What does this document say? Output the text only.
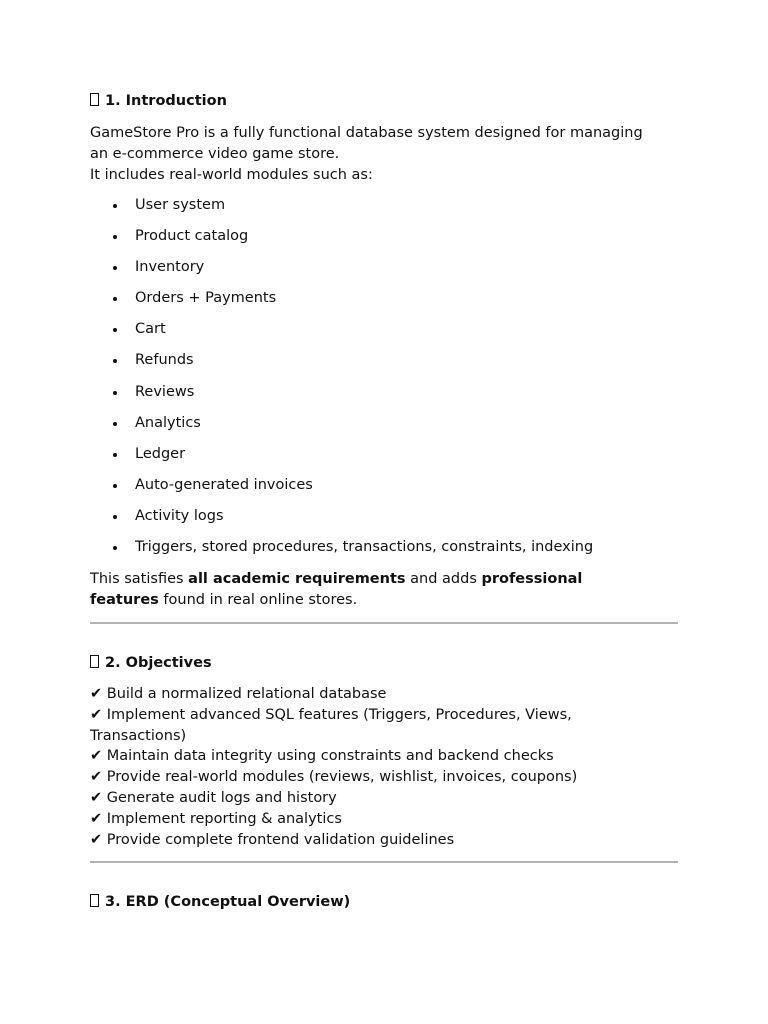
1. Introduction
GameStore Pro is a fully functional database system designed for managing
an e-commerce video game store.
It includes real-world modules such as:
User system
Product catalog
Inventory
Orders + Payments
Cart
Refunds
Reviews
Analytics
Ledger
Auto-generated invoices
Activity logs
Triggers, stored procedures, transactions, constraints, indexing
This satisfies all academic requirements and adds professional
features found in real online stores.
2. Objectives
✔ Build a normalized relational database
✔ Implement advanced SQL features (Triggers, Procedures, Views,
Transactions)
✔ Maintain data integrity using constraints and backend checks
✔ Provide real-world modules (reviews, wishlist, invoices, coupons)
✔ Generate audit logs and history
✔ Implement reporting & analytics
✔ Provide complete frontend validation guidelines
3. ERD (Conceptual Overview)
